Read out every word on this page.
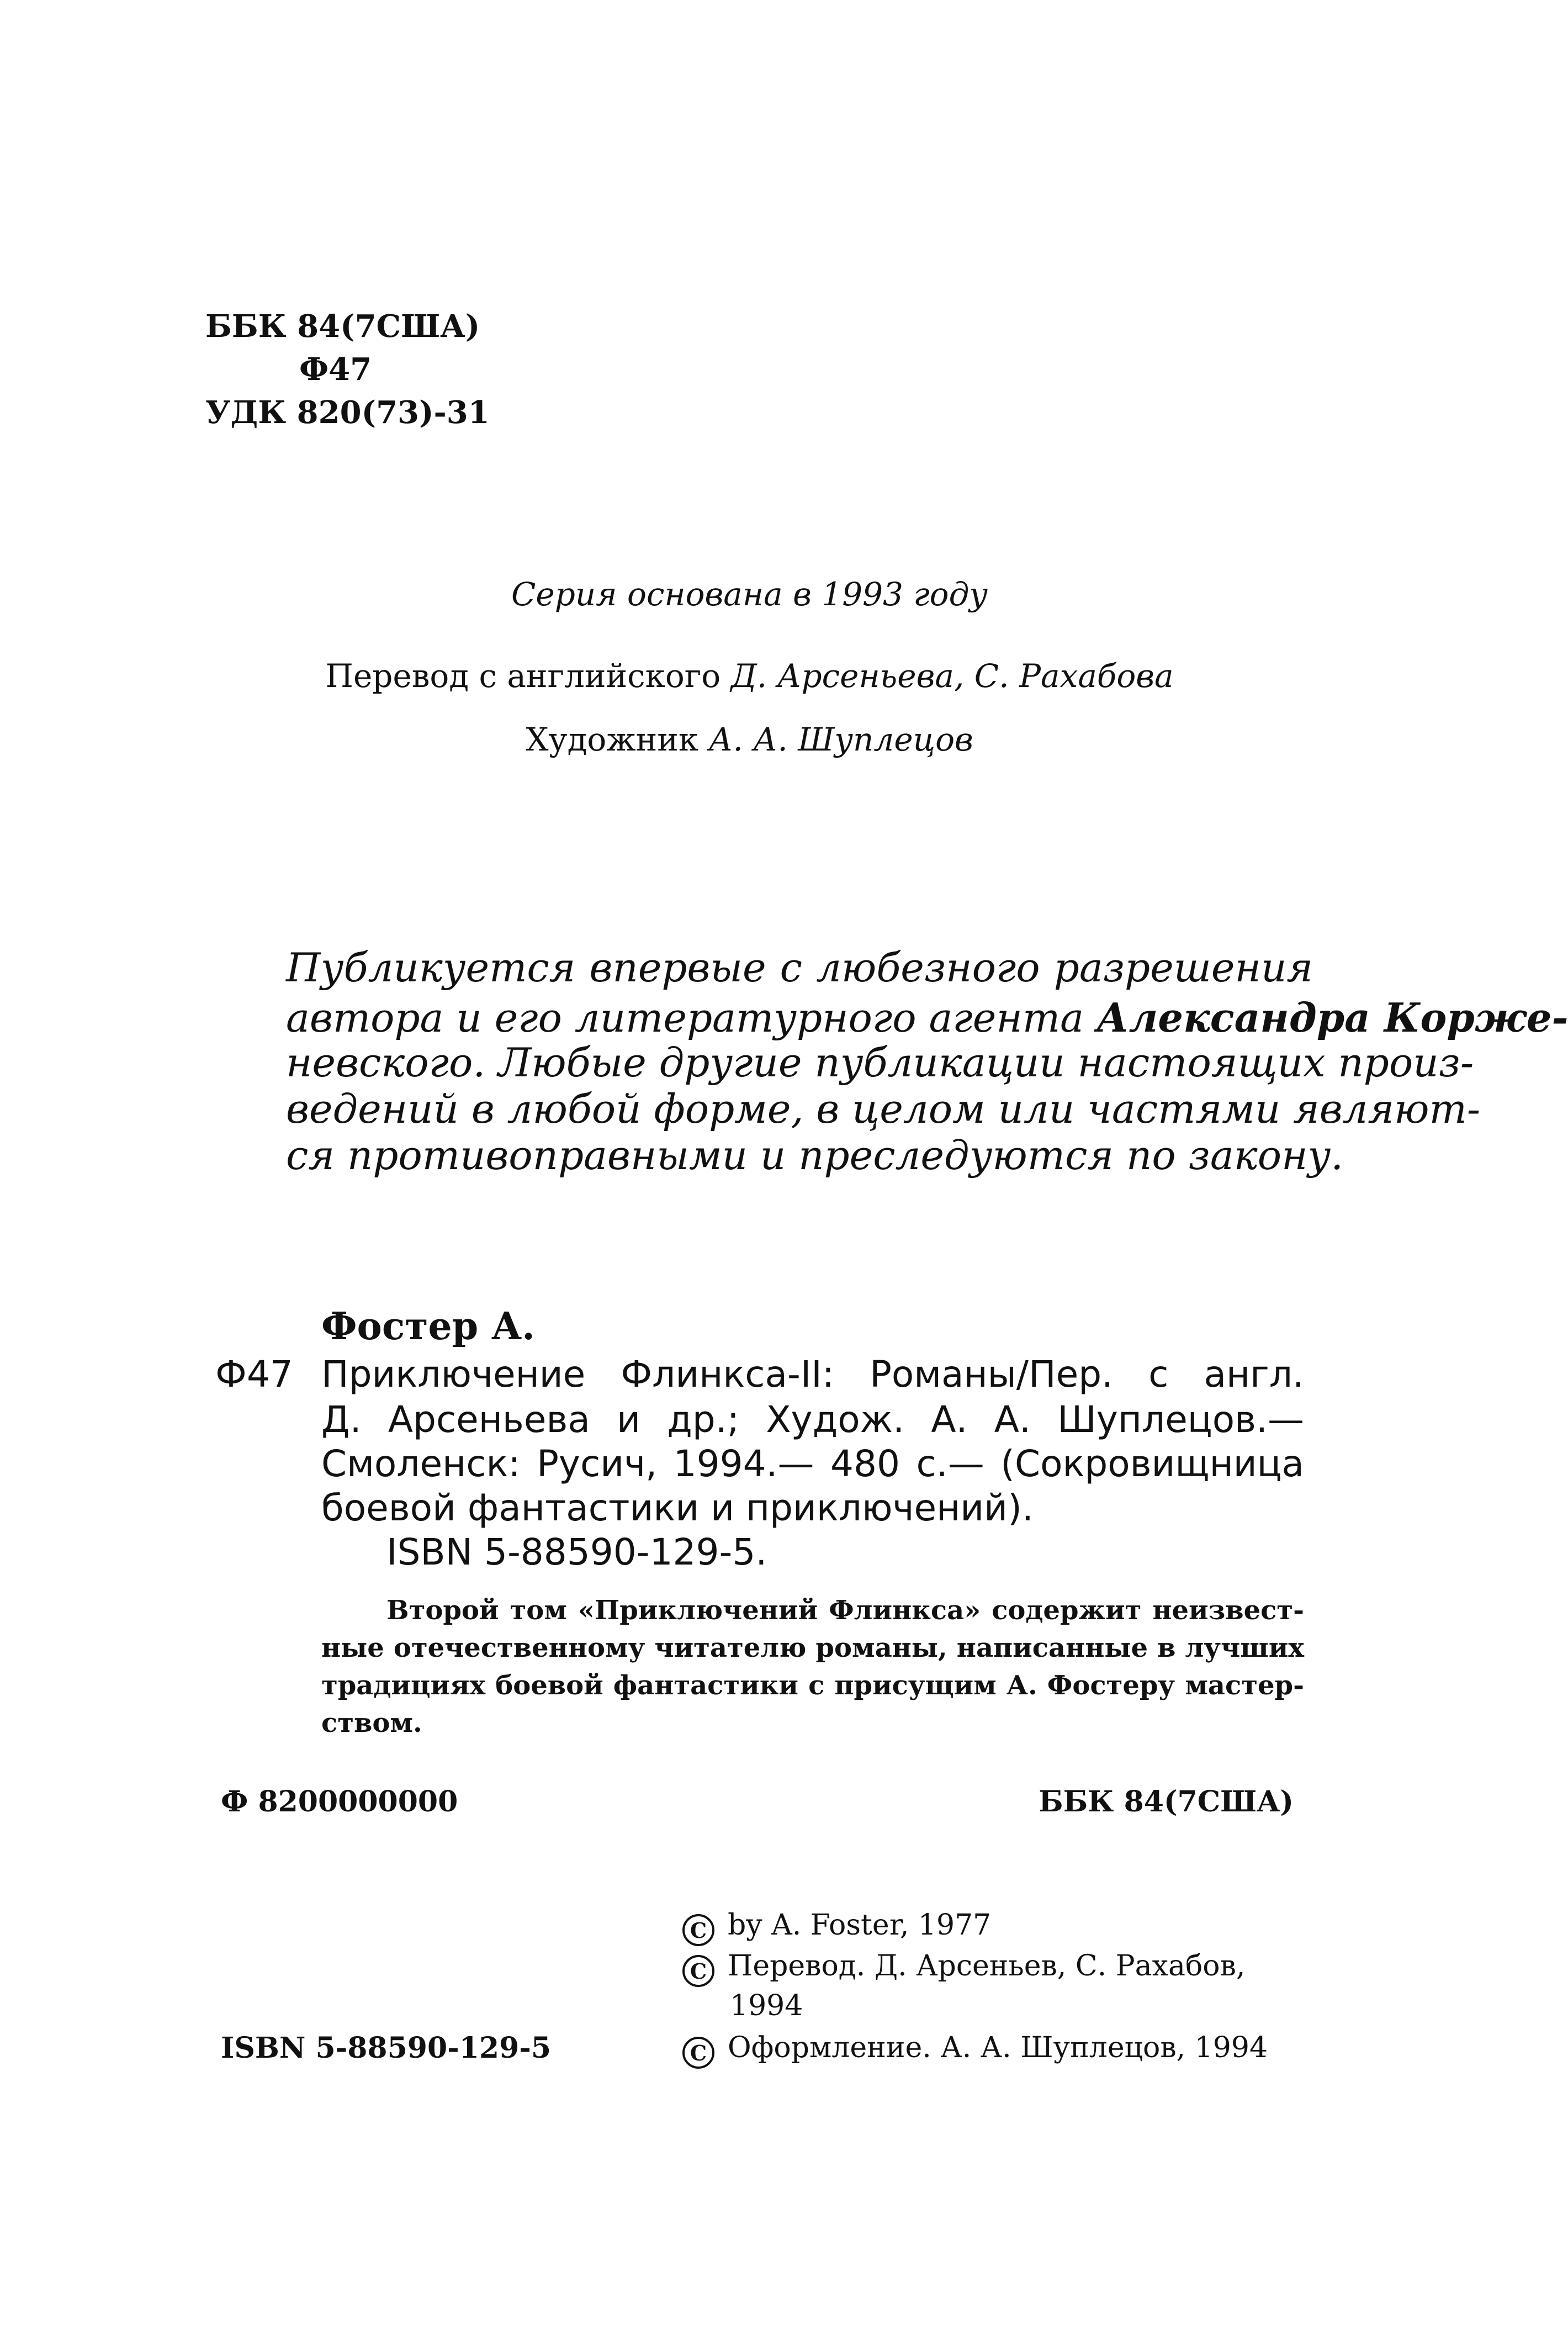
ББК 84(7США)
Ф47
УДК 820(73)-31
Серия основана в 1993 году
Перевод с английского Д. Арсеньева, С. Рахабова
Художник А. А. Шуплецов
Публикуется впервые с любезного разрешения
автора и его литературного агента Александра Корже-
невского. Любые другие публикации настоящих произ-
ведений в любой форме, в целом или частями являют-
ся противоправными и преследуются по закону.
Фостер А.
Ф47 Приключение Флинкса-II: Романы/Пер. с англ.
Д. Арсеньева и др.; Худож. А. А. Шуплецов.—
Смоленск: Русич, 1994.— 480 с.— (Сокровищница
боевой фантастики и приключений).
ISBN 5-88590-129-5.
Второй том «Приключений Флинкса» содержит неизвест-
ные отечественному читателю романы, написанные в лучших
традициях боевой фантастики с присущим А. Фостеру мастер-
ством.
Ф 8200000000	ББК 84(7США)
C by A. Foster, 1977
C Перевод. Д. Арсеньев, С. Рахабов,
1994
C Оформление. А. А. Шуплецов, 1994
ISBN 5-88590-129-5
